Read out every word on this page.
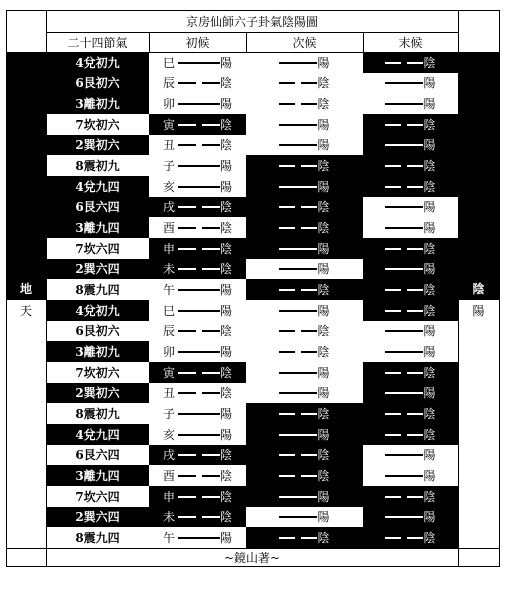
京房仙師六子卦氣陰陽圖
二十四節氣	初候	次候	末候
地
天
陰
陽
4兌初九	巳	陽	陽	陰
6艮初六	辰	陰	陰	陽
3離初九	卯	陽	陰	陽
7坎初六	寅	陰	陽	陰
2巽初六	丑	陰	陽	陽
8震初九	子	陽	陰	陰
4兌九四	亥	陽	陽	陰
6艮六四	戌	陰	陰	陽
3離九四	酉	陰	陰	陽
7坎六四	申	陰	陽	陰
2巽六四	未	陰	陽	陽
8震九四	午	陽	陰	陰
4兌初九	巳	陽	陽	陰
6艮初六	辰	陰	陰	陽
3離初九	卯	陽	陰	陽
7坎初六	寅	陰	陽	陰
2巽初六	丑	陰	陽	陽
8震初九	子	陽	陰	陰
4兌九四	亥	陽	陽	陰
6艮六四	戌	陰	陰	陽
3離九四	酉	陰	陰	陽
7坎六四	申	陰	陽	陰
2巽六四	未	陰	陽	陽
8震九四	午	陽	陰	陰
~鏡山著~
